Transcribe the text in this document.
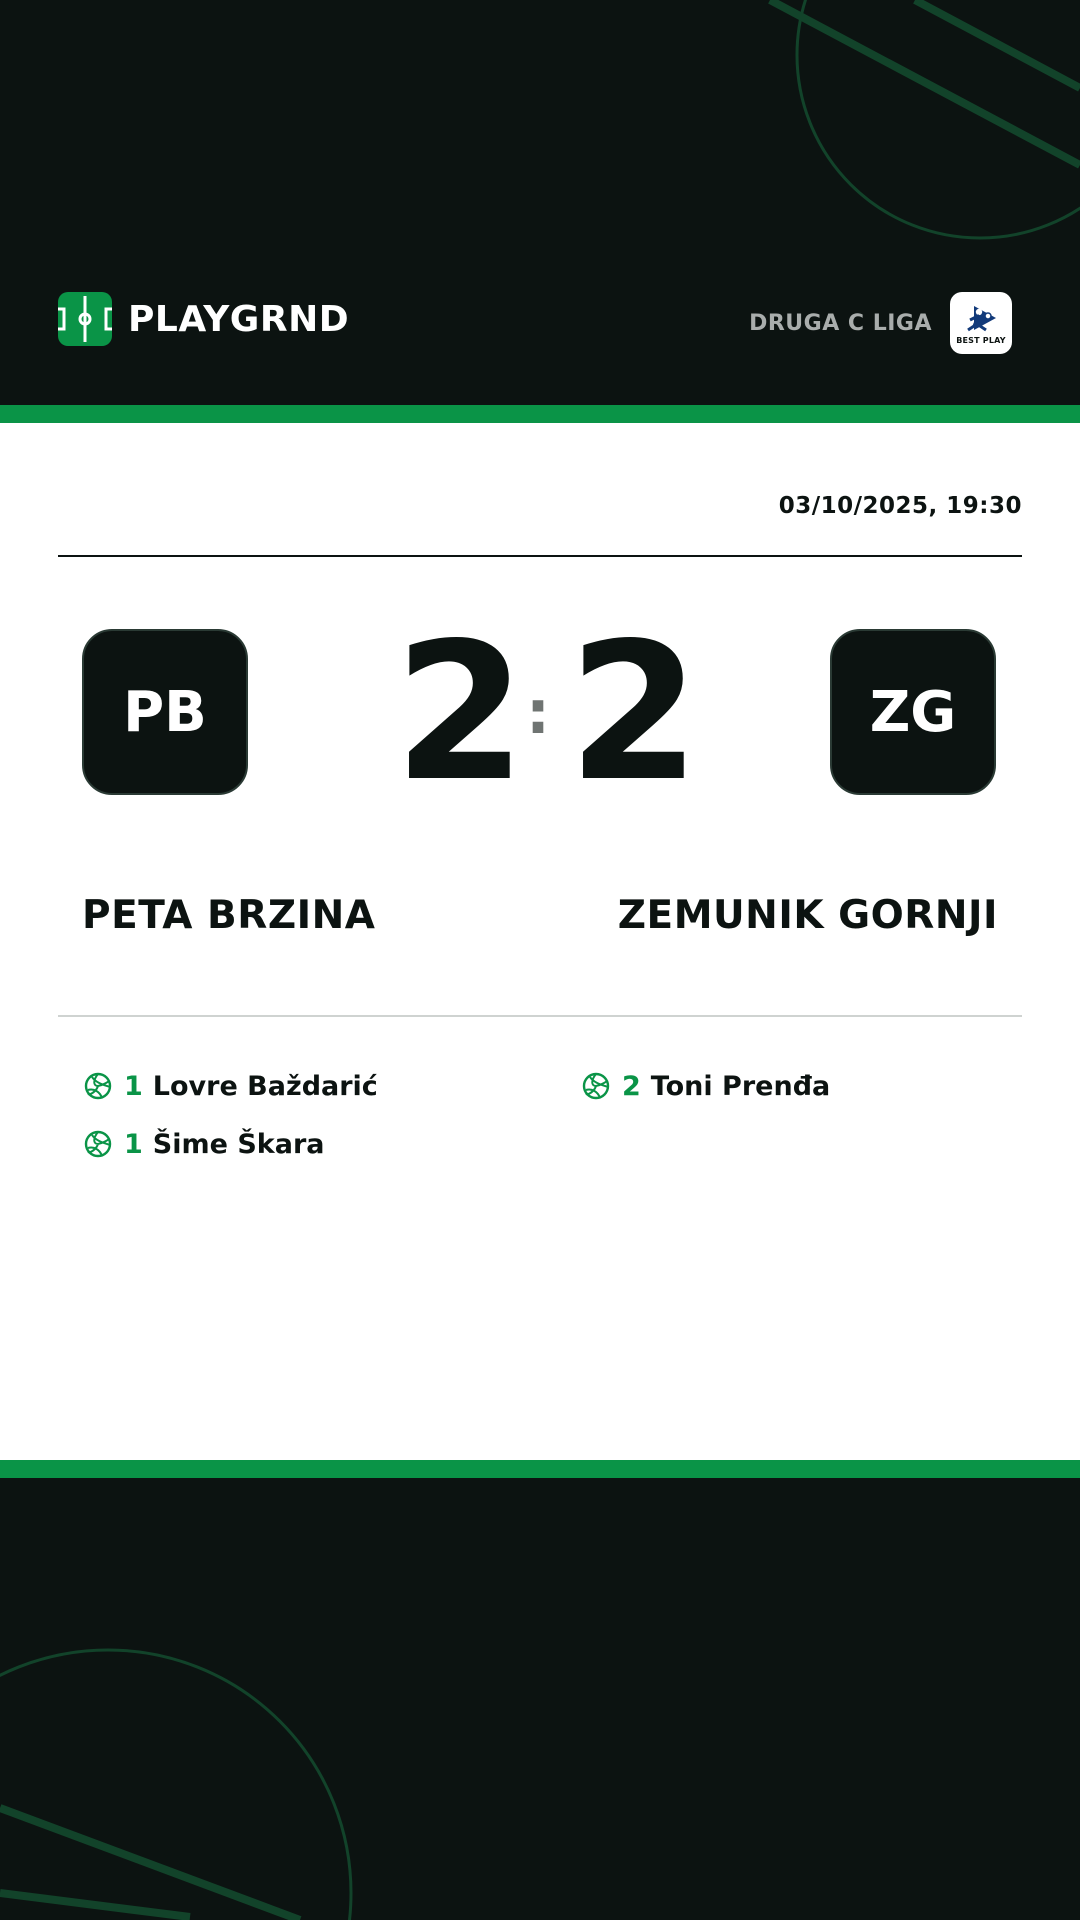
PLAYGRND	DRUGA C LIGA
BEST PLAY
03/10/2025, 19:30
PB 2 : 2	ZG
PETA BRZINA	ZEMUNIK GORNJI
1 Lovre Baždarić
1 Šime Škara
2 Toni Prenđa
